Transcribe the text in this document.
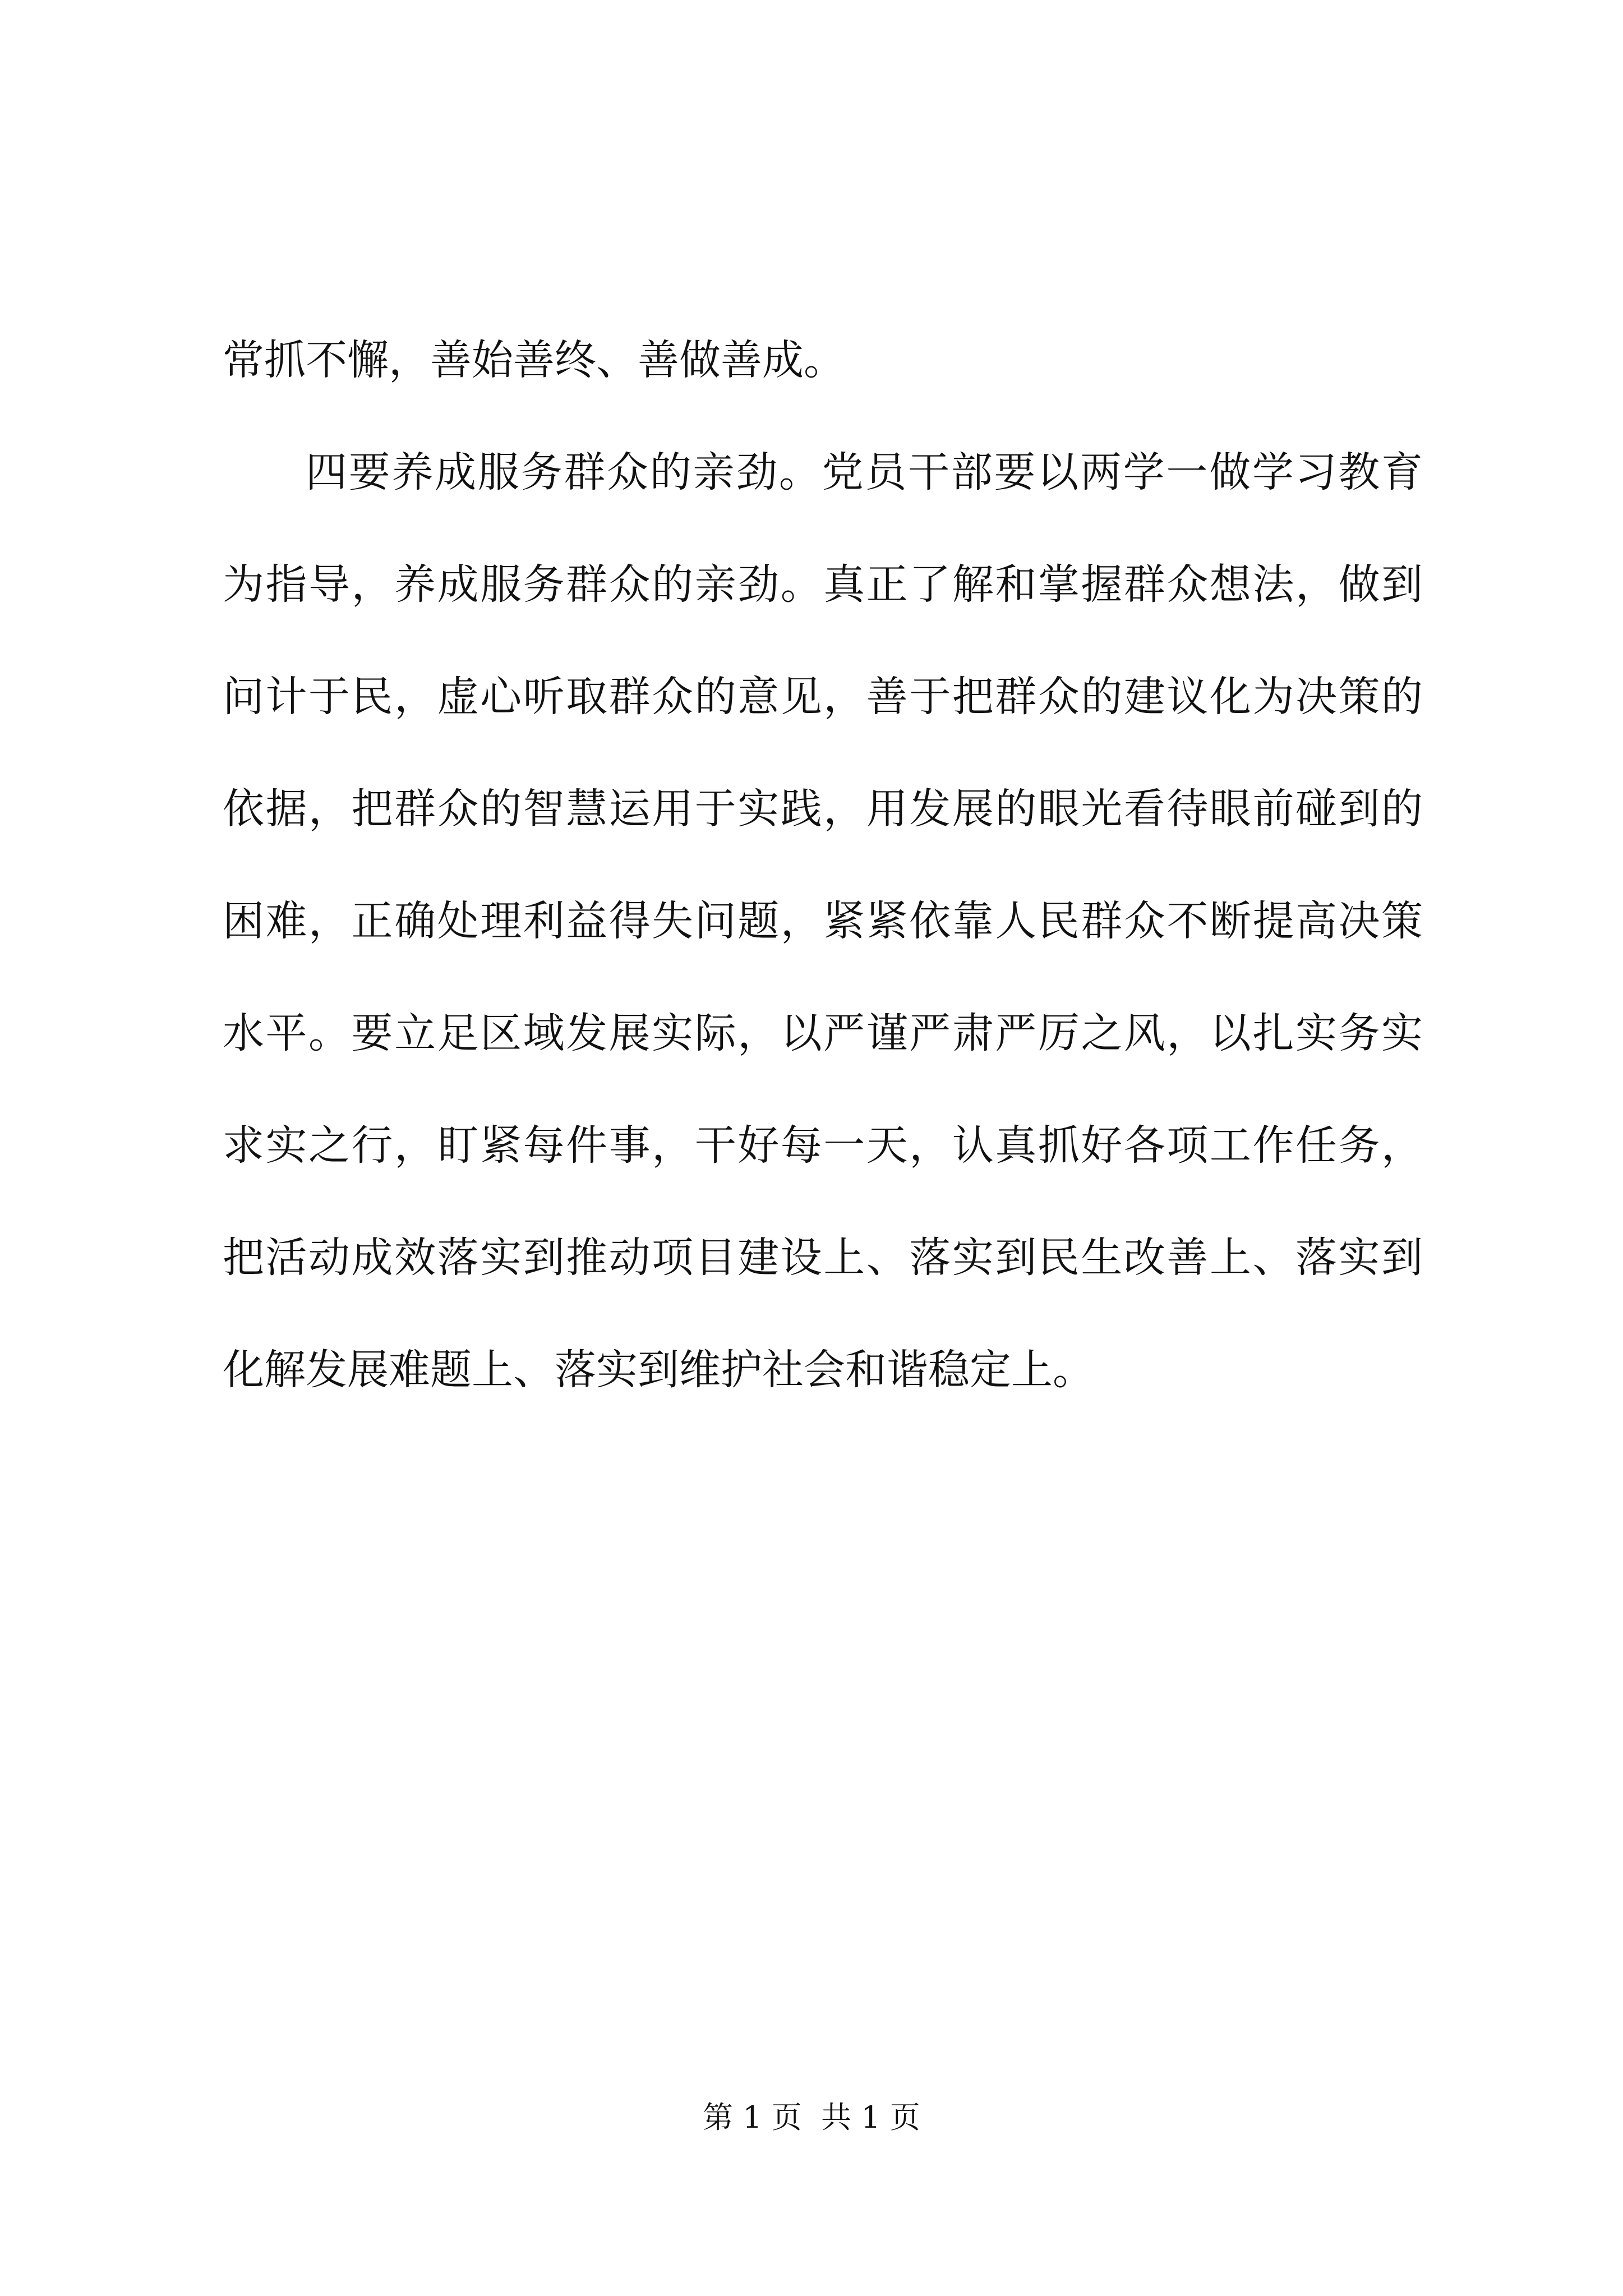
常抓不懈，善始善终、善做善成。
四要养成服务群众的亲劲。党员干部要以两学一做学习教育
为指导，养成服务群众的亲劲。真正了解和掌握群众想法，做到
问计于民，虚心听取群众的意见，善于把群众的建议化为决策的
依据，把群众的智慧运用于实践，用发展的眼光看待眼前碰到的
困难，正确处理利益得失问题，紧紧依靠人民群众不断提高决策
水平。要立足区域发展实际，以严谨严肃严厉之风，以扎实务实
求实之行，盯紧每件事，干好每一天，认真抓好各项工作任务，
把活动成效落实到推动项目建设上、落实到民生改善上、落实到
化解发展难题上、落实到维护社会和谐稳定上。
第 1 页  共 1 页
